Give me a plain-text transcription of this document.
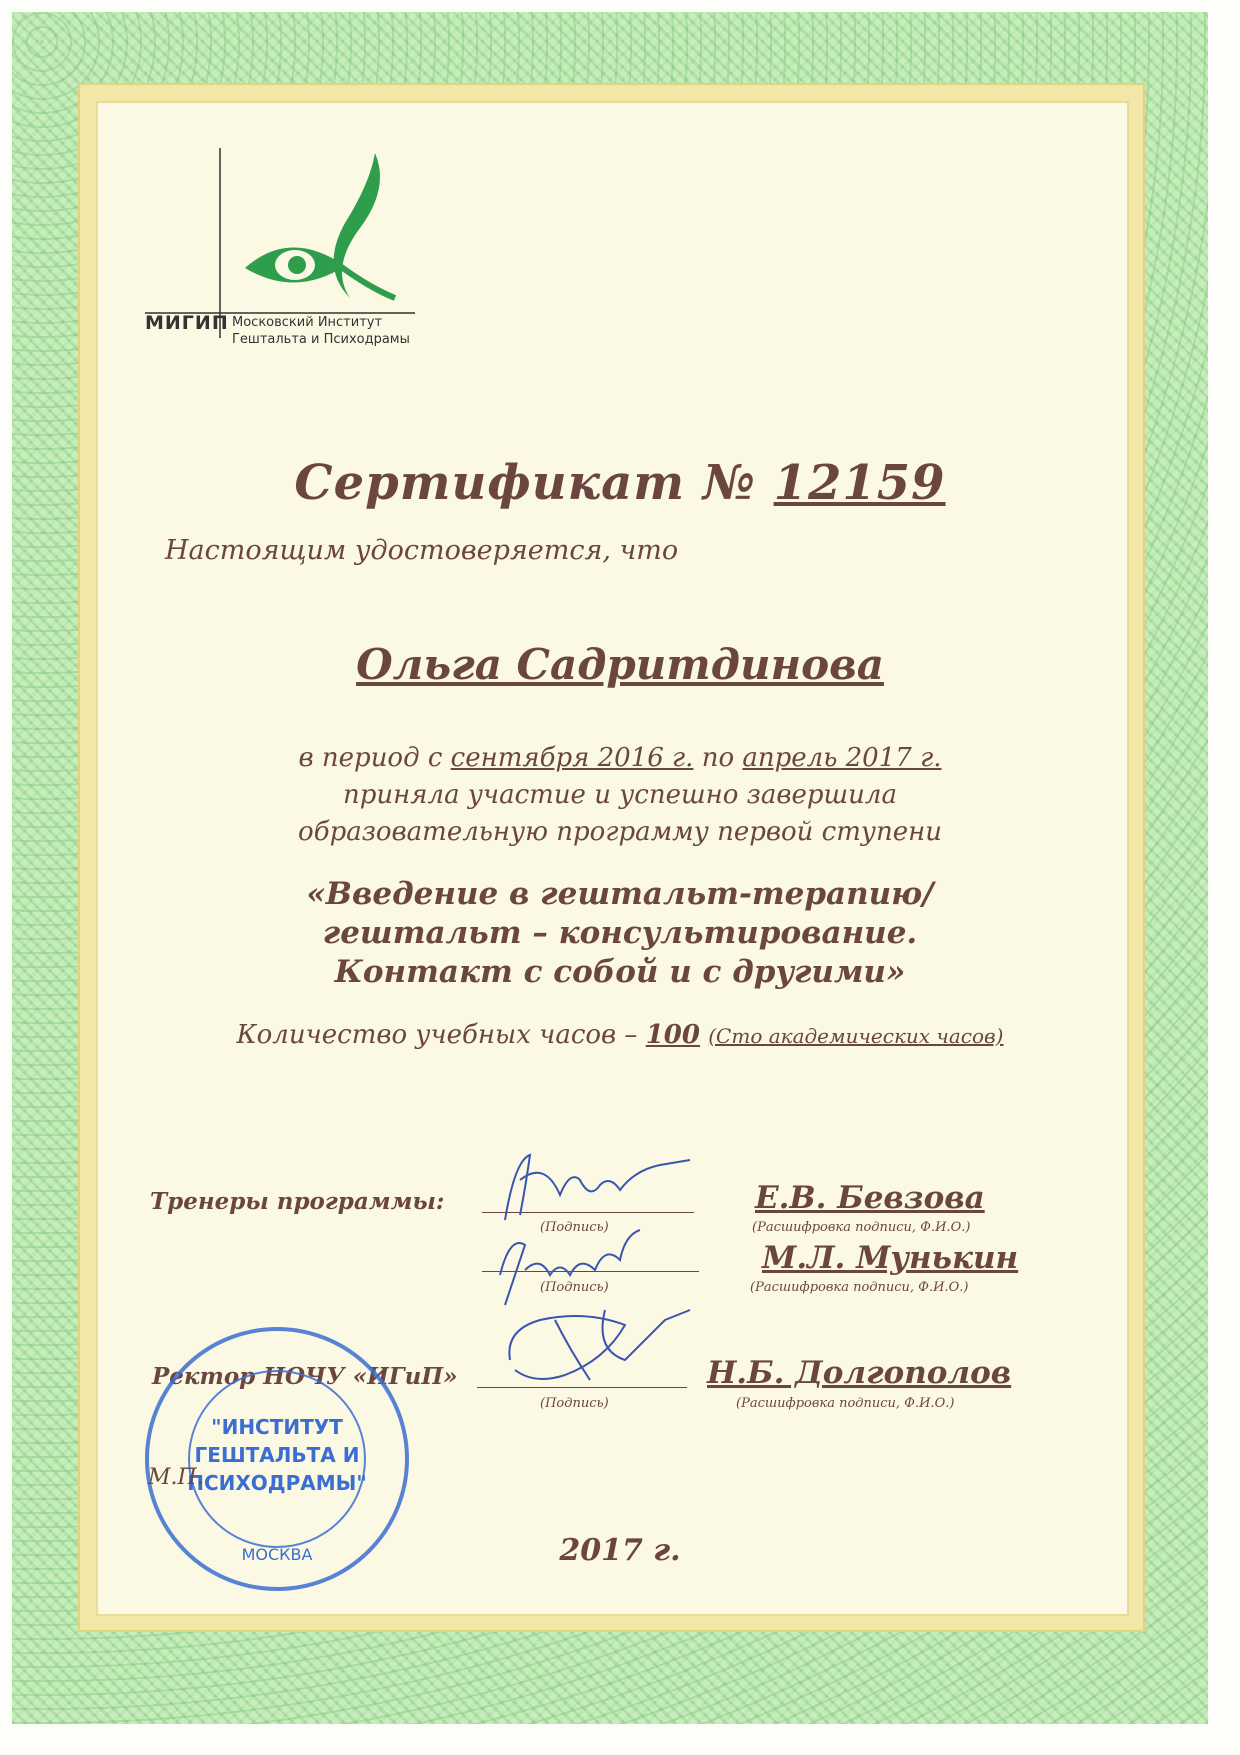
МИГИП Московский Институт
Гештальта и Психодрамы
Сертификат № 12159
Настоящим удостоверяется, что
Ольга Садритдинова
в период с сентября 2016 г. по апрель 2017 г.
приняла участие и успешно завершила
образовательную программу первой ступени
«Введение в гештальт-терапию/
гештальт – консультирование.
Контакт с собой и с другими»
Количество учебных часов – 100 (Сто академических часов)
Тренеры программы:
(Подпись)
Е.В. Бевзова
(Расшифровка подписи, Ф.И.О.)
(Подпись)
М.Л. Мунькин
(Расшифровка подписи, Ф.И.О.)
Ректор НОЧУ «ИГиП»
(Подпись)
Н.Б. Долгополов
(Расшифровка подписи, Ф.И.О.)
"ИНСТИТУТ
ГЕШТАЛЬТА И
ПСИХОДРАМЫ"
МОСКВА
М.П.
2017 г.
